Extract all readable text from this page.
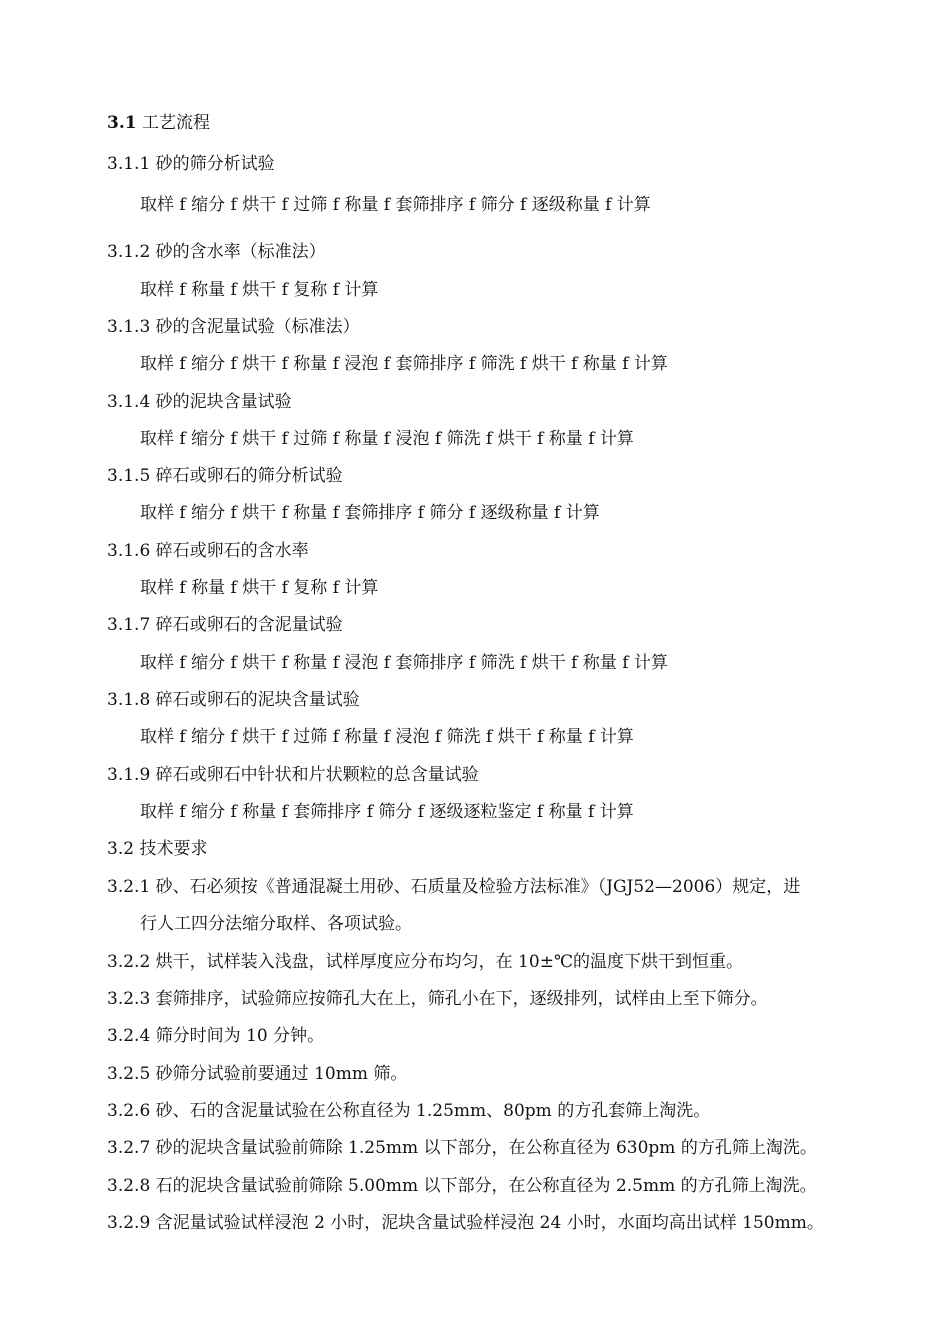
3.1 工艺流程
3.1.1 砂的筛分析试验
取样 f 缩分 f 烘干 f 过筛 f 称量 f 套筛排序 f 筛分 f 逐级称量 f 计算
3.1.2 砂的含水率（标准法）
取样 f 称量 f 烘干 f 复称 f 计算
3.1.3 砂的含泥量试验（标准法）
取样 f 缩分 f 烘干 f 称量 f 浸泡 f 套筛排序 f 筛洗 f 烘干 f 称量 f 计算
3.1.4 砂的泥块含量试验
取样 f 缩分 f 烘干 f 过筛 f 称量 f 浸泡 f 筛洗 f 烘干 f 称量 f 计算
3.1.5 碎石或卵石的筛分析试验
取样 f 缩分 f 烘干 f 称量 f 套筛排序 f 筛分 f 逐级称量 f 计算
3.1.6 碎石或卵石的含水率
取样 f 称量 f 烘干 f 复称 f 计算
3.1.7 碎石或卵石的含泥量试验
取样 f 缩分 f 烘干 f 称量 f 浸泡 f 套筛排序 f 筛洗 f 烘干 f 称量 f 计算
3.1.8 碎石或卵石的泥块含量试验
取样 f 缩分 f 烘干 f 过筛 f 称量 f 浸泡 f 筛洗 f 烘干 f 称量 f 计算
3.1.9 碎石或卵石中针状和片状颗粒的总含量试验
取样 f 缩分 f 称量 f 套筛排序 f 筛分 f 逐级逐粒鉴定 f 称量 f 计算
3.2 技术要求
3.2.1 砂、石必须按《普通混凝土用砂、石质量及检验方法标准》（JGJ52—2006）规定，进
行人工四分法缩分取样、各项试验。
3.2.2 烘干，试样装入浅盘，试样厚度应分布均匀，在 10±℃的温度下烘干到恒重。
3.2.3 套筛排序，试验筛应按筛孔大在上，筛孔小在下，逐级排列，试样由上至下筛分。
3.2.4 筛分时间为 10 分钟。
3.2.5 砂筛分试验前要通过 10mm 筛。
3.2.6 砂、石的含泥量试验在公称直径为 1.25mm、80pm 的方孔套筛上淘洗。
3.2.7 砂的泥块含量试验前筛除 1.25mm 以下部分，在公称直径为 630pm 的方孔筛上淘洗。
3.2.8 石的泥块含量试验前筛除 5.00mm 以下部分，在公称直径为 2.5mm 的方孔筛上淘洗。
3.2.9 含泥量试验试样浸泡 2 小时，泥块含量试验样浸泡 24 小时，水面均高出试样 150mm。
